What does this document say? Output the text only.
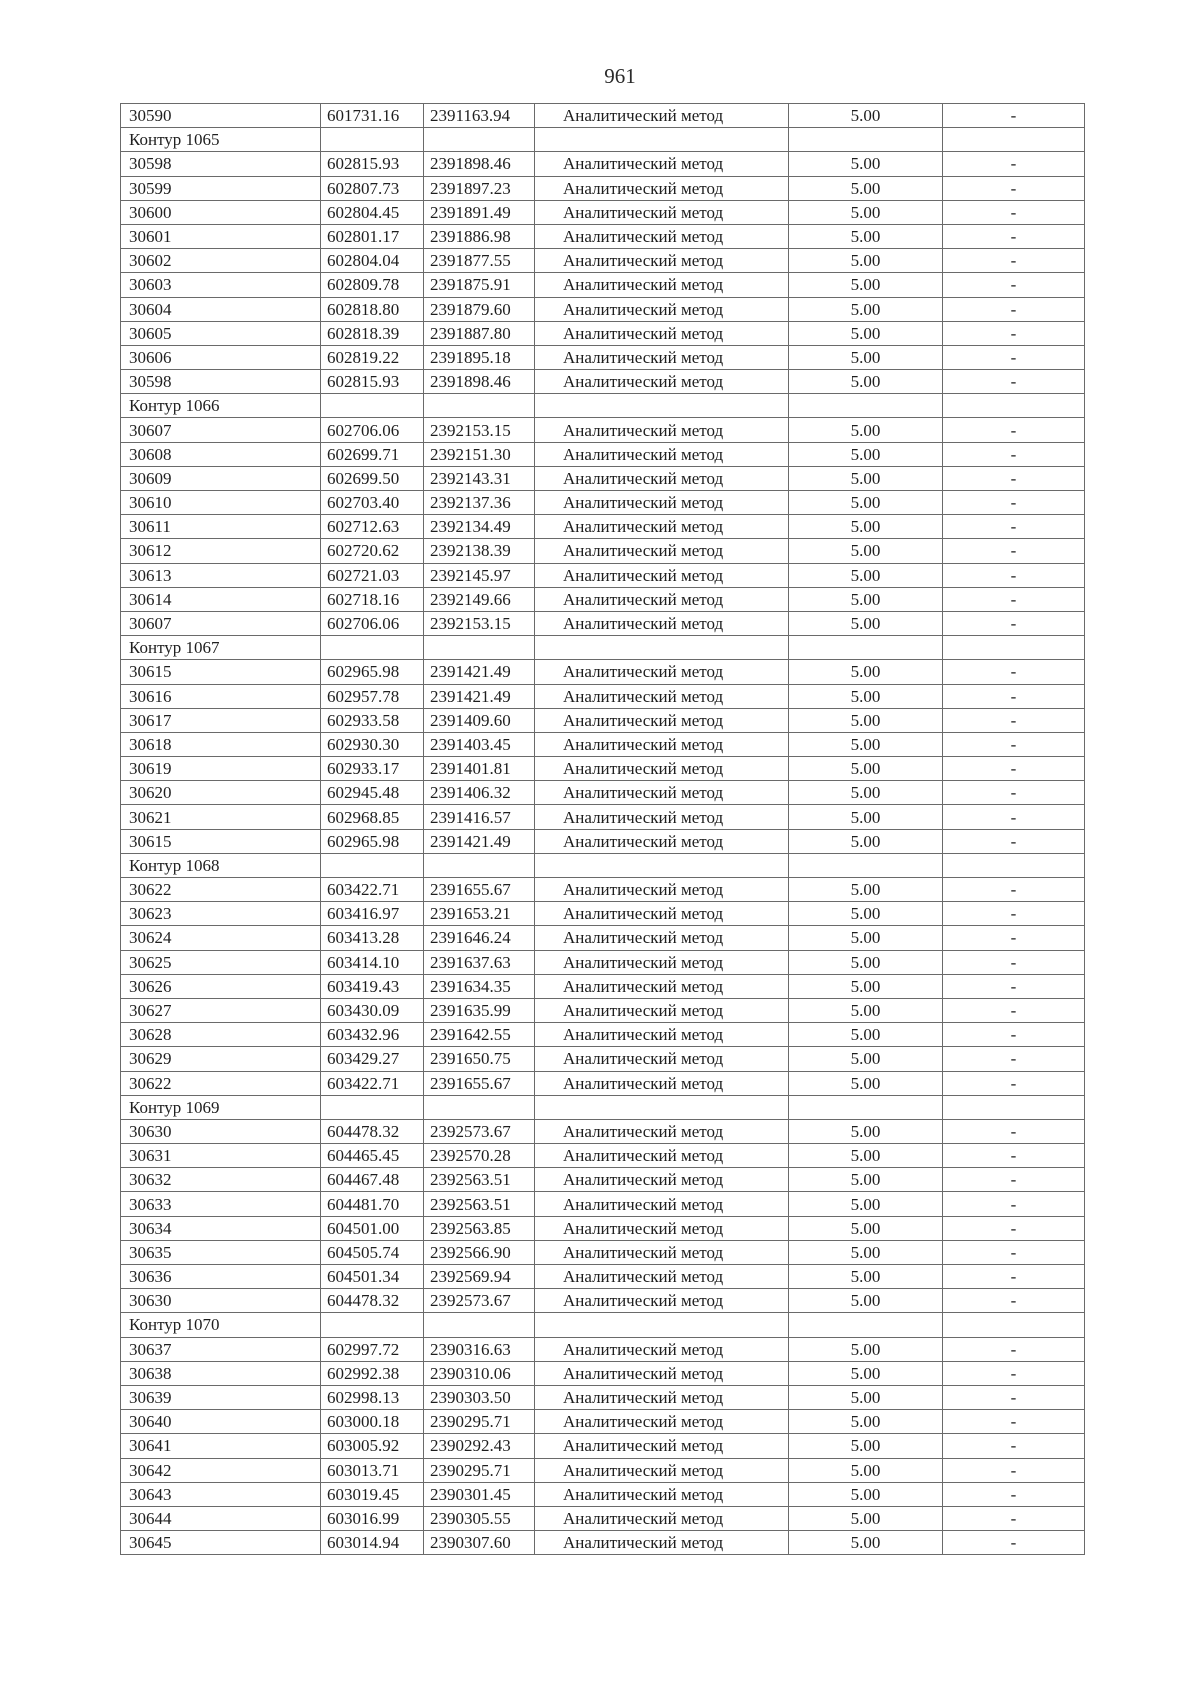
961
30590	601731.16	2391163.94	Аналитический метод	5.00	-
Контур 1065					
30598	602815.93	2391898.46	Аналитический метод	5.00	-
30599	602807.73	2391897.23	Аналитический метод	5.00	-
30600	602804.45	2391891.49	Аналитический метод	5.00	-
30601	602801.17	2391886.98	Аналитический метод	5.00	-
30602	602804.04	2391877.55	Аналитический метод	5.00	-
30603	602809.78	2391875.91	Аналитический метод	5.00	-
30604	602818.80	2391879.60	Аналитический метод	5.00	-
30605	602818.39	2391887.80	Аналитический метод	5.00	-
30606	602819.22	2391895.18	Аналитический метод	5.00	-
30598	602815.93	2391898.46	Аналитический метод	5.00	-
Контур 1066					
30607	602706.06	2392153.15	Аналитический метод	5.00	-
30608	602699.71	2392151.30	Аналитический метод	5.00	-
30609	602699.50	2392143.31	Аналитический метод	5.00	-
30610	602703.40	2392137.36	Аналитический метод	5.00	-
30611	602712.63	2392134.49	Аналитический метод	5.00	-
30612	602720.62	2392138.39	Аналитический метод	5.00	-
30613	602721.03	2392145.97	Аналитический метод	5.00	-
30614	602718.16	2392149.66	Аналитический метод	5.00	-
30607	602706.06	2392153.15	Аналитический метод	5.00	-
Контур 1067					
30615	602965.98	2391421.49	Аналитический метод	5.00	-
30616	602957.78	2391421.49	Аналитический метод	5.00	-
30617	602933.58	2391409.60	Аналитический метод	5.00	-
30618	602930.30	2391403.45	Аналитический метод	5.00	-
30619	602933.17	2391401.81	Аналитический метод	5.00	-
30620	602945.48	2391406.32	Аналитический метод	5.00	-
30621	602968.85	2391416.57	Аналитический метод	5.00	-
30615	602965.98	2391421.49	Аналитический метод	5.00	-
Контур 1068					
30622	603422.71	2391655.67	Аналитический метод	5.00	-
30623	603416.97	2391653.21	Аналитический метод	5.00	-
30624	603413.28	2391646.24	Аналитический метод	5.00	-
30625	603414.10	2391637.63	Аналитический метод	5.00	-
30626	603419.43	2391634.35	Аналитический метод	5.00	-
30627	603430.09	2391635.99	Аналитический метод	5.00	-
30628	603432.96	2391642.55	Аналитический метод	5.00	-
30629	603429.27	2391650.75	Аналитический метод	5.00	-
30622	603422.71	2391655.67	Аналитический метод	5.00	-
Контур 1069					
30630	604478.32	2392573.67	Аналитический метод	5.00	-
30631	604465.45	2392570.28	Аналитический метод	5.00	-
30632	604467.48	2392563.51	Аналитический метод	5.00	-
30633	604481.70	2392563.51	Аналитический метод	5.00	-
30634	604501.00	2392563.85	Аналитический метод	5.00	-
30635	604505.74	2392566.90	Аналитический метод	5.00	-
30636	604501.34	2392569.94	Аналитический метод	5.00	-
30630	604478.32	2392573.67	Аналитический метод	5.00	-
Контур 1070					
30637	602997.72	2390316.63	Аналитический метод	5.00	-
30638	602992.38	2390310.06	Аналитический метод	5.00	-
30639	602998.13	2390303.50	Аналитический метод	5.00	-
30640	603000.18	2390295.71	Аналитический метод	5.00	-
30641	603005.92	2390292.43	Аналитический метод	5.00	-
30642	603013.71	2390295.71	Аналитический метод	5.00	-
30643	603019.45	2390301.45	Аналитический метод	5.00	-
30644	603016.99	2390305.55	Аналитический метод	5.00	-
30645	603014.94	2390307.60	Аналитический метод	5.00	-
